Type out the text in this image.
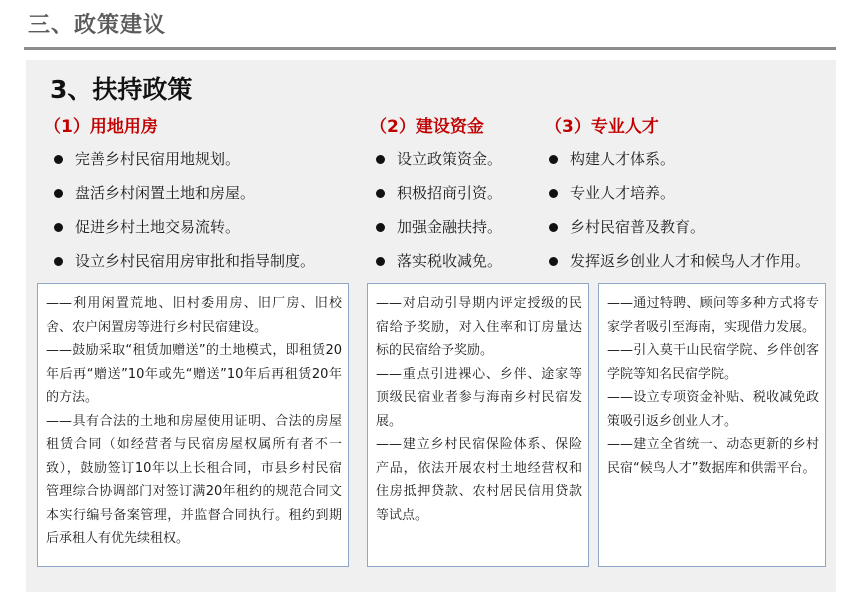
三、政策建议
3、扶持政策
（1）用地用房
完善乡村民宿用地规划。
盘活乡村闲置土地和房屋。
促进乡村土地交易流转。
设立乡村民宿用房审批和指导制度。

——利用闲置荒地、旧村委用房、旧厂房、旧校舍、农户闲置房等进行乡村民宿建设。

——鼓励采取“租赁加赠送”的土地模式，即租赁20年后再“赠送”10年或先“赠送”10年后再租赁20年的方法。

——具有合法的土地和房屋使用证明、合法的房屋租赁合同（如经营者与民宿房屋权属所有者不一致），鼓励签订10年以上长租合同，市县乡村民宿管理综合协调部门对签订满20年租约的规范合同文本实行编号备案管理，并监督合同执行。租约到期后承租人有优先续租权。

（2）建设资金
设立政策资金。
积极招商引资。
加强金融扶持。
落实税收减免。

——对启动引导期内评定授级的民宿给予奖励，对入住率和订房量达标的民宿给予奖励。

——重点引进裸心、乡伴、途家等顶级民宿业者参与海南乡村民宿发展。

——建立乡村民宿保险体系、保险产品，依法开展农村土地经营权和住房抵押贷款、农村居民信用贷款等试点。

（3）专业人才
构建人才体系。
专业人才培养。
乡村民宿普及教育。
发挥返乡创业人才和候鸟人才作用。

——通过特聘、顾问等多种方式将专家学者吸引至海南，实现借力发展。

——引入莫干山民宿学院、乡伴创客学院等知名民宿学院。

——设立专项资金补贴、税收减免政策吸引返乡创业人才。

——建立全省统一、动态更新的乡村民宿“候鸟人才”数据库和供需平台。
